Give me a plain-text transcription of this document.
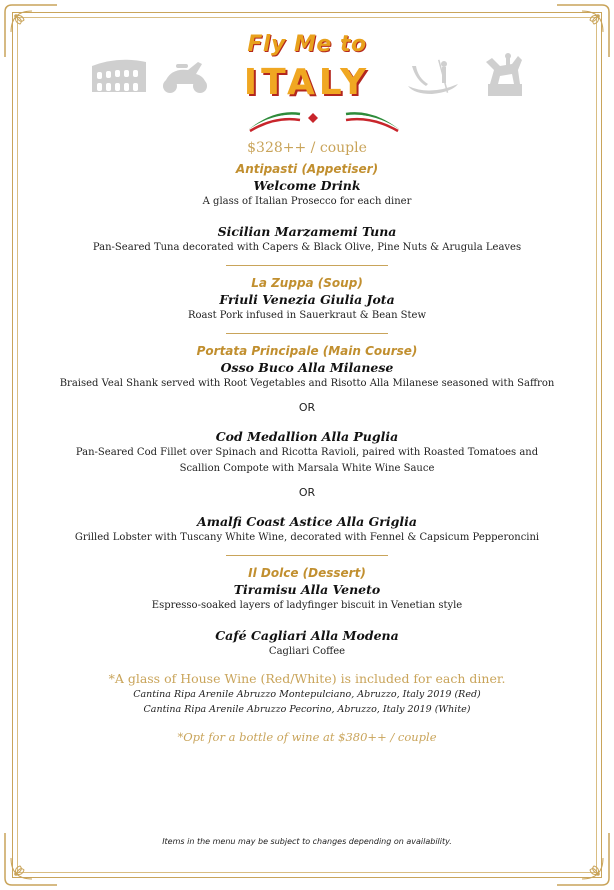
Fly Me to
ITALY
$328++ / couple
Antipasti (Appetiser)
Welcome Drink
A glass of Italian Prosecco for each diner
Sicilian Marzamemi Tuna
Pan-Seared Tuna decorated with Capers & Black Olive, Pine Nuts & Arugula Leaves
La Zuppa (Soup)
Friuli Venezia Giulia Jota
Roast Pork infused in Sauerkraut & Bean Stew
Portata Principale (Main Course)
Osso Buco Alla Milanese
Braised Veal Shank served with Root Vegetables and Risotto Alla Milanese seasoned with Saffron
OR
Cod Medallion Alla Puglia
Pan-Seared Cod Fillet over Spinach and Ricotta Ravioli, paired with Roasted Tomatoes and
Scallion Compote with Marsala White Wine Sauce
OR
Amalfi Coast Astice Alla Griglia
Grilled Lobster with Tuscany White Wine, decorated with Fennel & Capsicum Pepperoncini
Il Dolce (Dessert)
Tiramisu Alla Veneto
Espresso-soaked layers of ladyfinger biscuit in Venetian style
Café Cagliari Alla Modena
Cagliari Coffee
*A glass of House Wine (Red/White) is included for each diner.
Cantina Ripa Arenile Abruzzo Montepulciano, Abruzzo, Italy 2019 (Red)
Cantina Ripa Arenile Abruzzo Pecorino, Abruzzo, Italy 2019 (White)
*Opt for a bottle of wine at $380++ / couple
Items in the menu may be subject to changes depending on availability.
